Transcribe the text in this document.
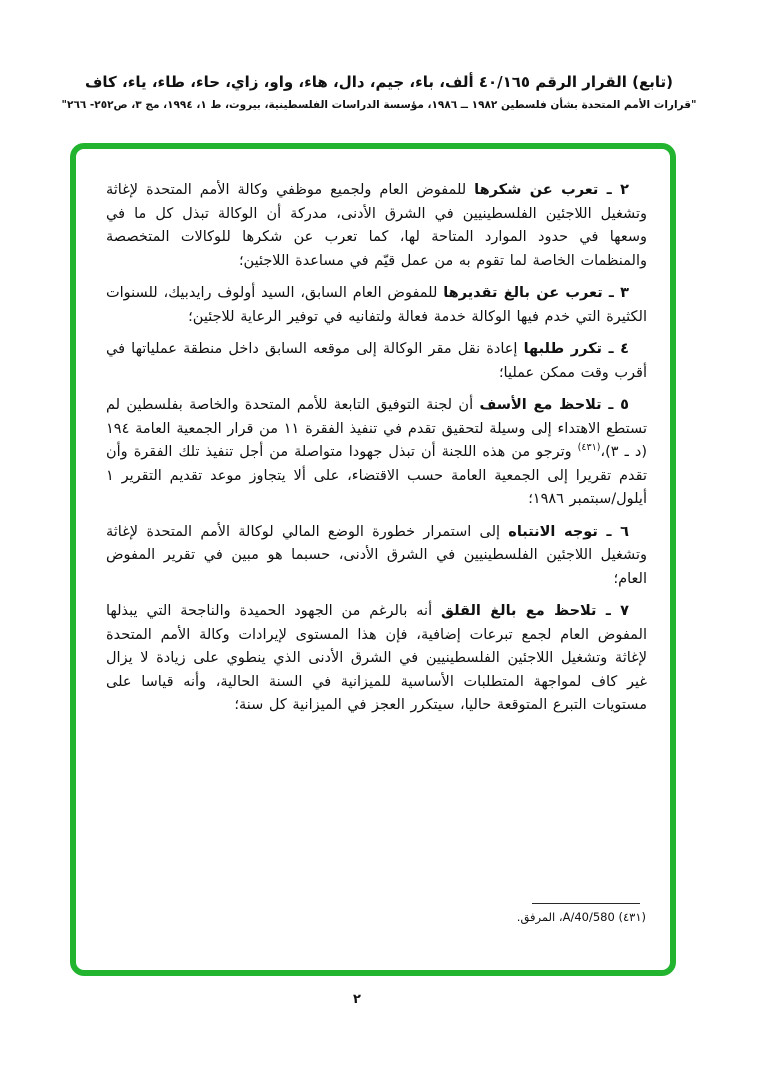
(تابع) القرار الرقم ٤٠/١٦٥ ألف، باء، جيم، دال، هاء، واو، زاي، حاء، طاء، ياء، كاف
"قرارات الأمم المتحدة بشأن فلسطين ١٩٨٢ ــ ١٩٨٦، مؤسسة الدراسات الفلسطينية، بيروت، ط ١، ١٩٩٤، مج ٣، ص٢٥٢- ٢٦٦"

٢ ـ تعرب عن شكرها للمفوض العام ولجميع موظفي وكالة الأمم المتحدة لإغاثة وتشغيل اللاجئين الفلسطينيين في الشرق الأدنى، مدركة أن الوكالة تبذل كل ما في وسعها في حدود الموارد المتاحة لها، كما تعرب عن شكرها للوكالات المتخصصة والمنظمات الخاصة لما تقوم به من عمل قيّم في مساعدة اللاجئين؛

٣ ـ تعرب عن بالغ تقديرها للمفوض العام السابق، السيد أولوف رايدبيك، للسنوات الكثيرة التي خدم فيها الوكالة خدمة فعالة ولتفانيه في توفير الرعاية للاجئين؛

٤ ـ تكرر طلبها إعادة نقل مقر الوكالة إلى موقعه السابق داخل منطقة عملياتها في أقرب وقت ممكن عمليا؛

٥ ـ تلاحظ مع الأسف أن لجنة التوفيق التابعة للأمم المتحدة والخاصة بفلسطين لم تستطع الاهتداء إلى وسيلة لتحقيق تقدم في تنفيذ الفقرة ١١ من قرار الجمعية العامة ١٩٤ (د ـ ٣)،$^{(٤٣١)}$ وترجو من هذه اللجنة أن تبذل جهودا متواصلة من أجل تنفيذ تلك الفقرة وأن تقدم تقريرا إلى الجمعية العامة حسب الاقتضاء، على ألا يتجاوز موعد تقديم التقرير ١ أيلول/سبتمبر ١٩٨٦؛

٦ ـ توجه الانتباه إلى استمرار خطورة الوضع المالي لوكالة الأمم المتحدة لإغاثة وتشغيل اللاجئين الفلسطينيين في الشرق الأدنى، حسبما هو مبين في تقرير المفوض العام؛

٧ ـ تلاحظ مع بالغ القلق أنه بالرغم من الجهود الحميدة والناجحة التي يبذلها المفوض العام لجمع تبرعات إضافية، فإن هذا المستوى لإيرادات وكالة الأمم المتحدة لإغاثة وتشغيل اللاجئين الفلسطينيين في الشرق الأدنى الذي ينطوي على زيادة لا يزال غير كاف لمواجهة المتطلبات الأساسية للميزانية في السنة الحالية، وأنه قياسا على مستويات التبرع المتوقعة حاليا، سيتكرر العجز في الميزانية كل سنة؛

(٤٣١) A/40/580، المرفق.
٢
